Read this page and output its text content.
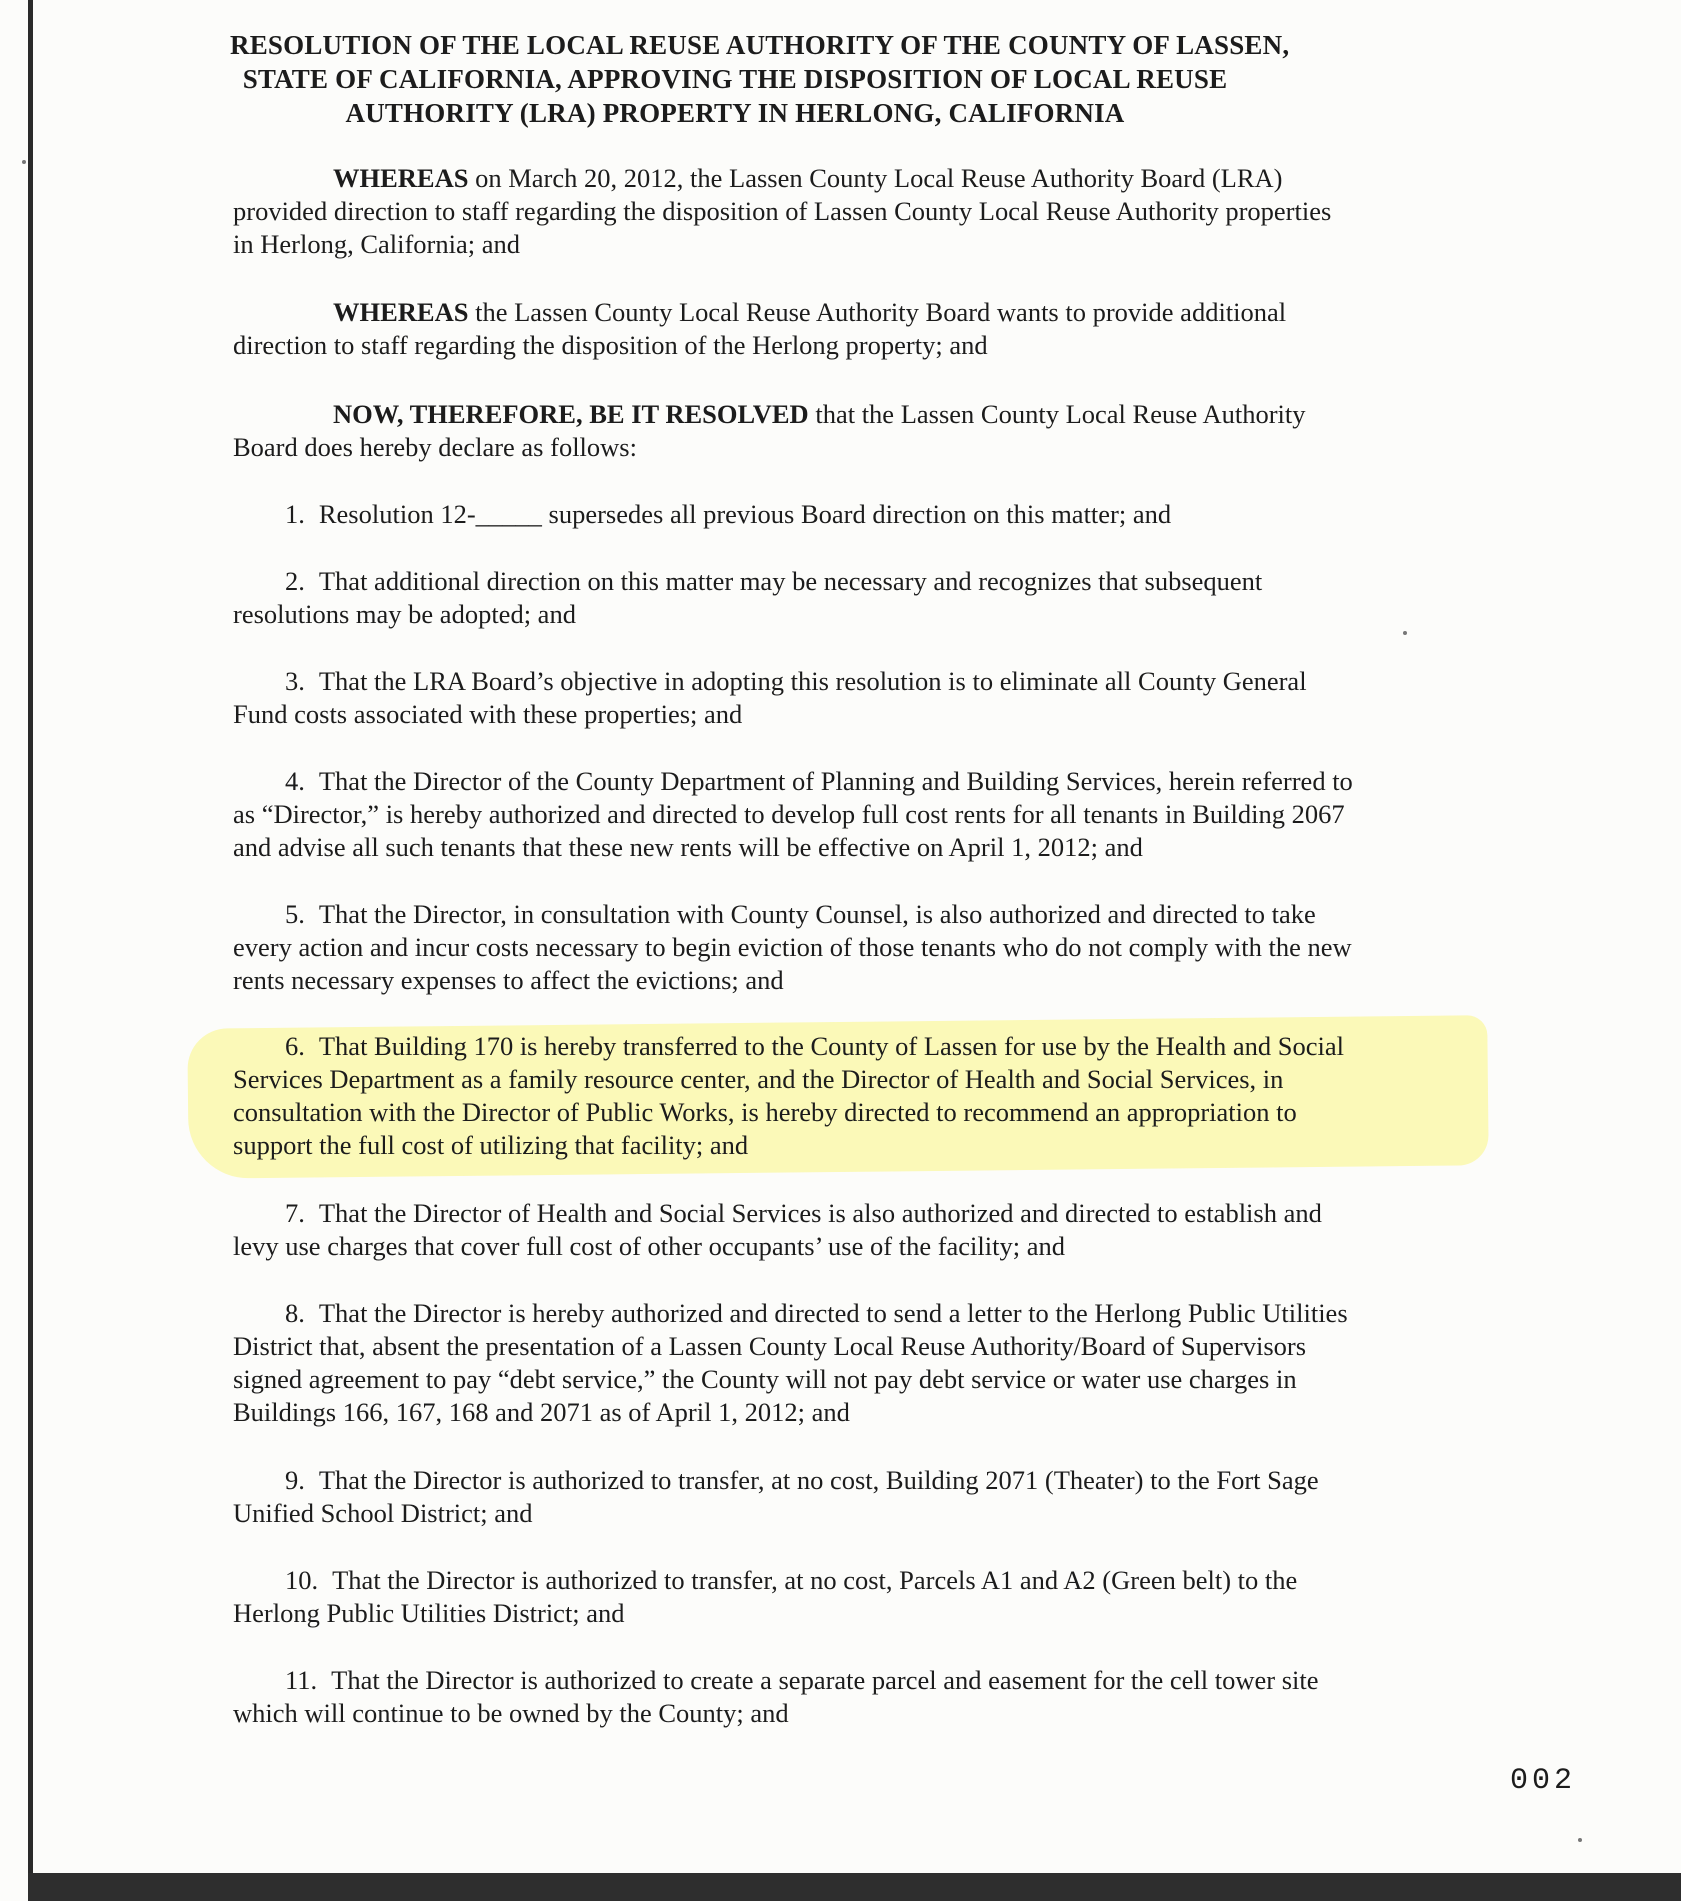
RESOLUTION OF THE LOCAL REUSE AUTHORITY OF THE COUNTY OF LASSEN,
STATE OF CALIFORNIA, APPROVING THE DISPOSITION OF LOCAL REUSE
AUTHORITY (LRA) PROPERTY IN HERLONG, CALIFORNIA
WHEREAS on March 20, 2012, the Lassen County Local Reuse Authority Board (LRA)
provided direction to staff regarding the disposition of Lassen County Local Reuse Authority properties
in Herlong, California; and
WHEREAS the Lassen County Local Reuse Authority Board wants to provide additional
direction to staff regarding the disposition of the Herlong property; and
NOW, THEREFORE, BE IT RESOLVED that the Lassen County Local Reuse Authority
Board does hereby declare as follows:
1. Resolution 12-_____ supersedes all previous Board direction on this matter; and
2. That additional direction on this matter may be necessary and recognizes that subsequent
resolutions may be adopted; and
3. That the LRA Board’s objective in adopting this resolution is to eliminate all County General
Fund costs associated with these properties; and
4. That the Director of the County Department of Planning and Building Services, herein referred to
as “Director,” is hereby authorized and directed to develop full cost rents for all tenants in Building 2067
and advise all such tenants that these new rents will be effective on April 1, 2012; and
5. That the Director, in consultation with County Counsel, is also authorized and directed to take
every action and incur costs necessary to begin eviction of those tenants who do not comply with the new
rents necessary expenses to affect the evictions; and
6. That Building 170 is hereby transferred to the County of Lassen for use by the Health and Social
Services Department as a family resource center, and the Director of Health and Social Services, in
consultation with the Director of Public Works, is hereby directed to recommend an appropriation to
support the full cost of utilizing that facility; and
7. That the Director of Health and Social Services is also authorized and directed to establish and
levy use charges that cover full cost of other occupants’ use of the facility; and
8. That the Director is hereby authorized and directed to send a letter to the Herlong Public Utilities
District that, absent the presentation of a Lassen County Local Reuse Authority/Board of Supervisors
signed agreement to pay “debt service,” the County will not pay debt service or water use charges in
Buildings 166, 167, 168 and 2071 as of April 1, 2012; and
9. That the Director is authorized to transfer, at no cost, Building 2071 (Theater) to the Fort Sage
Unified School District; and
10. That the Director is authorized to transfer, at no cost, Parcels A1 and A2 (Green belt) to the
Herlong Public Utilities District; and
11. That the Director is authorized to create a separate parcel and easement for the cell tower site
which will continue to be owned by the County; and
002
